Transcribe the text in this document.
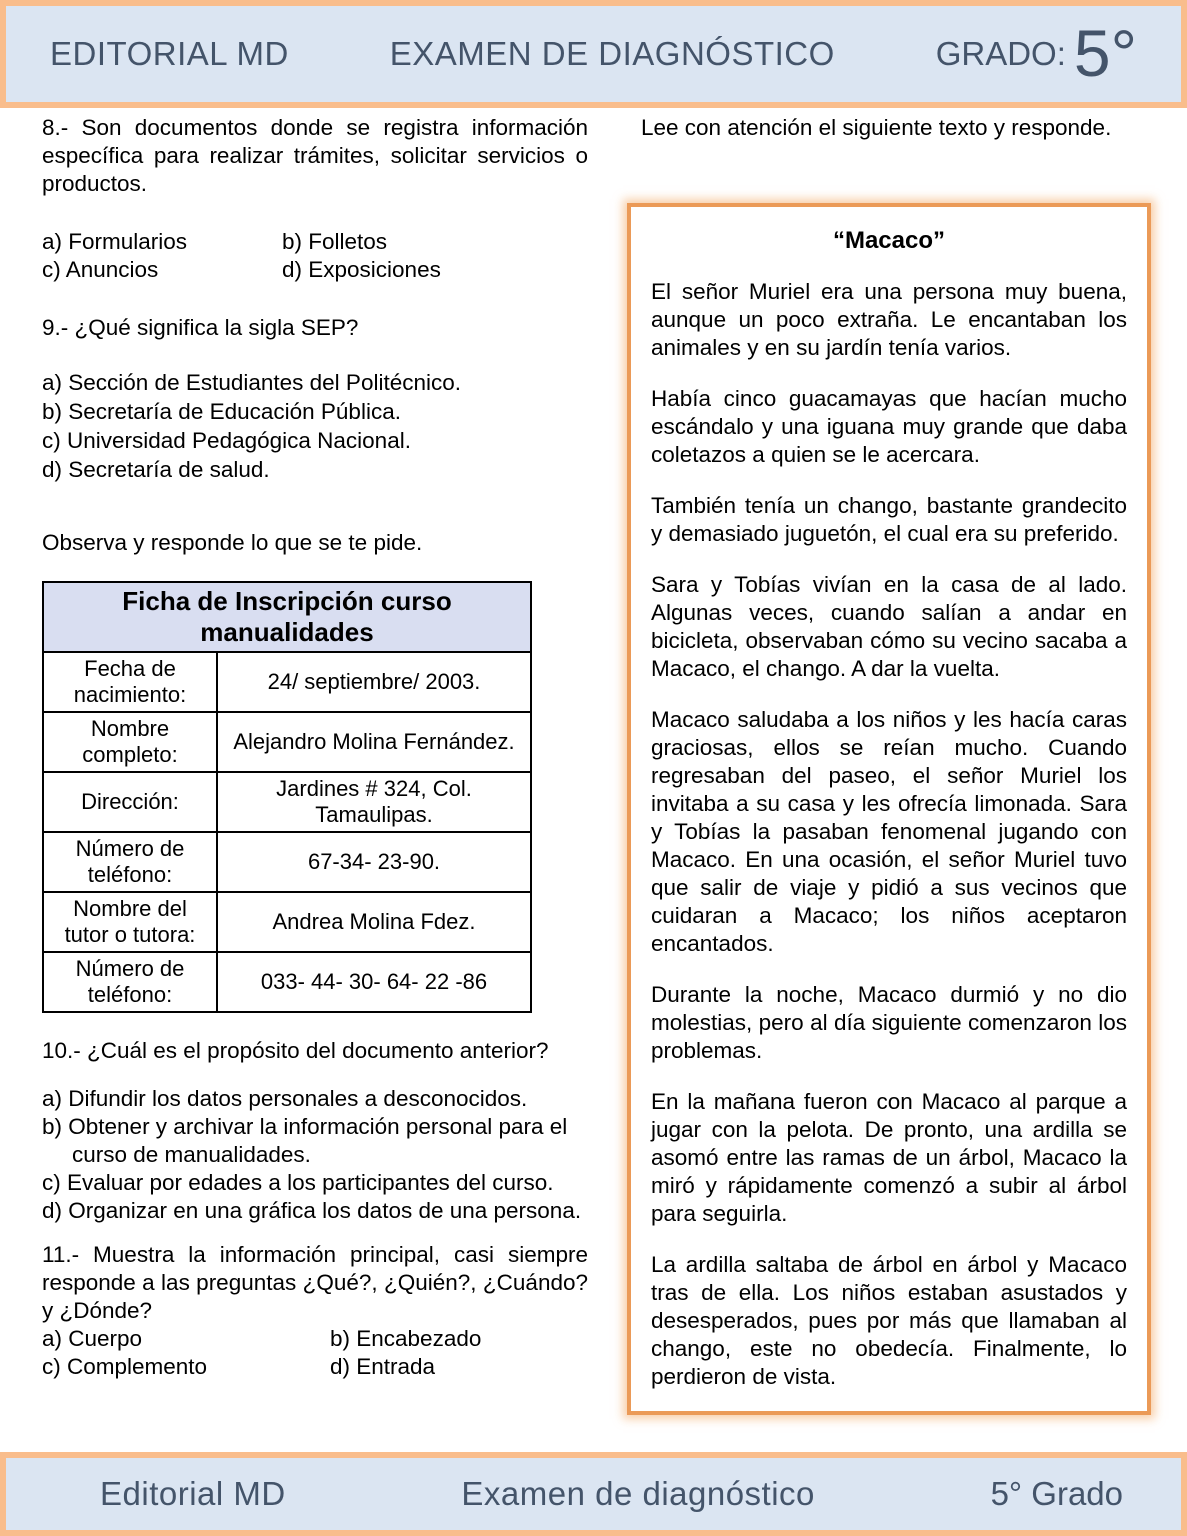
EDITORIAL MD	EXAMEN DE DIAGNÓSTICO	GRADO: 5°

8.- Son documentos donde se registra información específica para realizar trámites, solicitar servicios o productos.

a) Formularios	b) Folletos
c) Anuncios	d) Exposiciones

9.- ¿Qué significa la sigla SEP?

a) Sección de Estudiantes del Politécnico.
b) Secretaría de Educación Pública.
c) Universidad Pedagógica Nacional.
d) Secretaría de salud.

Observa y responde lo que se te pide.

Ficha de Inscripción curso manualidades	
Fecha de nacimiento:	24/ septiembre/ 2003.
Nombre completo:	Alejandro Molina Fernández.
Dirección:	Jardines # 324, Col. Tamaulipas.
Número de teléfono:	67-34- 23-90.
Nombre del tutor o tutora:	Andrea Molina Fdez.
Número de teléfono:	033- 44- 30- 64- 22 -86

10.- ¿Cuál es el propósito del documento anterior?

a) Difundir los datos personales a desconocidos.
b) Obtener y archivar la información personal para el curso de manualidades.
c) Evaluar por edades a los participantes del curso.
d) Organizar en una gráfica los datos de una persona.

11.- Muestra la información principal, casi siempre responde a las preguntas ¿Qué?, ¿Quién?, ¿Cuándo? y ¿Dónde?

a) Cuerpo	b) Encabezado
c) Complemento	d) Entrada

Lee con atención el siguiente texto y responde.

“Macaco”

El señor Muriel era una persona muy buena, aunque un poco extraña. Le encantaban los animales y en su jardín tenía varios.

Había cinco guacamayas que hacían mucho escándalo y una iguana muy grande que daba coletazos a quien se le acercara.

También tenía un chango, bastante grandecito y demasiado juguetón, el cual era su preferido.

Sara y Tobías vivían en la casa de al lado. Algunas veces, cuando salían a andar en bicicleta, observaban cómo su vecino sacaba a Macaco, el chango. A dar la vuelta.

Macaco saludaba a los niños y les hacía caras graciosas, ellos se reían mucho. Cuando regresaban del paseo, el señor Muriel los invitaba a su casa y les ofrecía limonada. Sara y Tobías la pasaban fenomenal jugando con Macaco. En una ocasión, el señor Muriel tuvo que salir de viaje y pidió a sus vecinos que cuidaran a Macaco; los niños aceptaron encantados.

Durante la noche, Macaco durmió y no dio molestias, pero al día siguiente comenzaron los problemas.

En la mañana fueron con Macaco al parque a jugar con la pelota. De pronto, una ardilla se asomó entre las ramas de un árbol, Macaco la miró y rápidamente comenzó a subir al árbol para seguirla.

La ardilla saltaba de árbol en árbol y Macaco tras de ella. Los niños estaban asustados y desesperados, pues por más que llamaban al chango, este no obedecía. Finalmente, lo perdieron de vista.

Editorial MD	Examen de diagnóstico	5° Grado
